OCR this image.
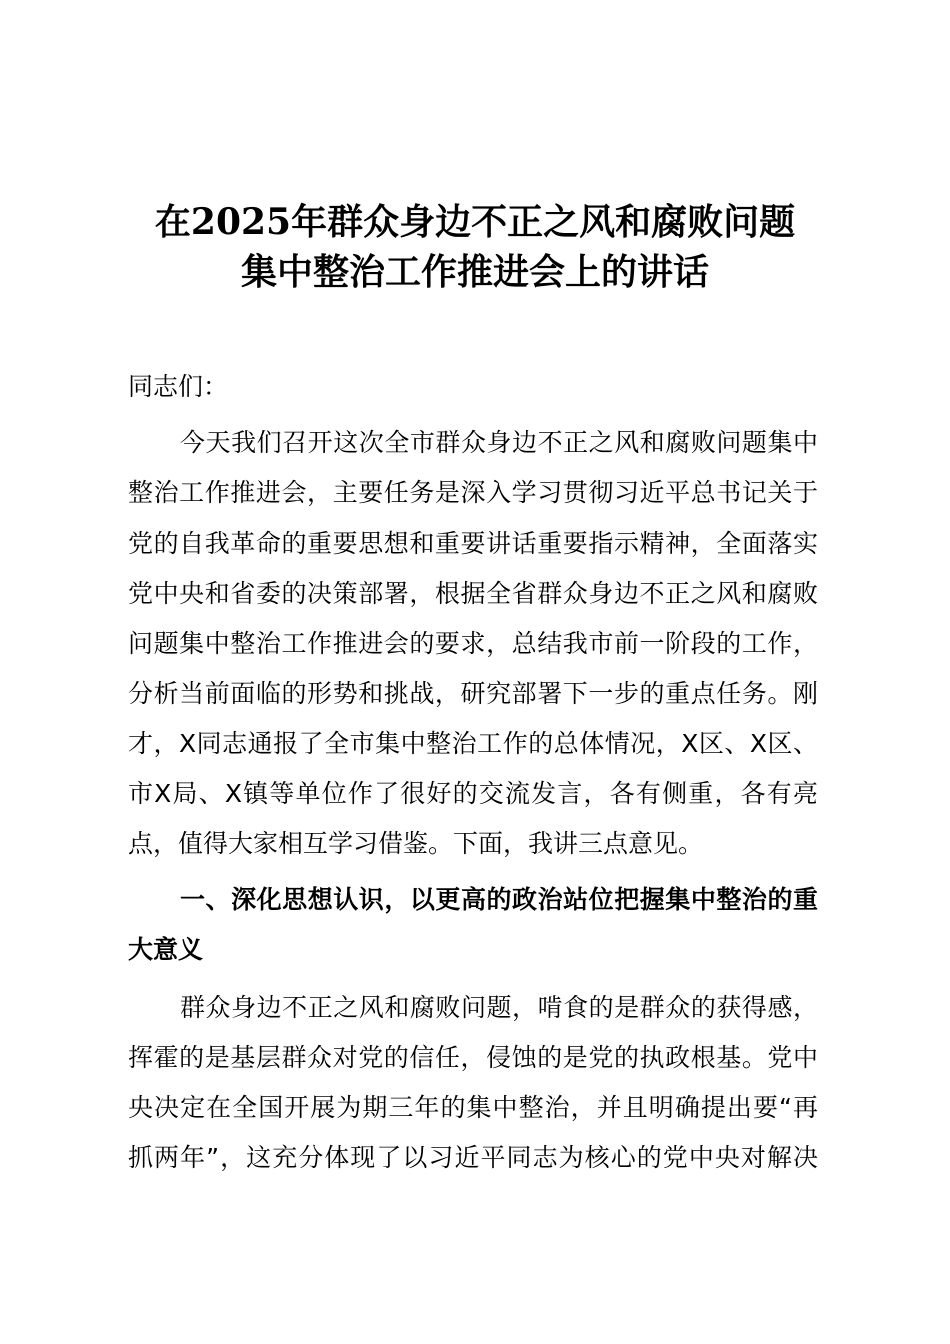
在2025年群众身边不正之风和腐败问题
集中整治工作推进会上的讲话
同志们：
今天我们召开这次全市群众身边不正之风和腐败问题集中
整治工作推进会，主要任务是深入学习贯彻习近平总书记关于
党的自我革命的重要思想和重要讲话重要指示精神，全面落实
党中央和省委的决策部署，根据全省群众身边不正之风和腐败
问题集中整治工作推进会的要求，总结我市前一阶段的工作，
分析当前面临的形势和挑战，研究部署下一步的重点任务。刚
才，X同志通报了全市集中整治工作的总体情况，X区、X区、
市X局、X镇等单位作了很好的交流发言，各有侧重，各有亮
点，值得大家相互学习借鉴。下面，我讲三点意见。
一、深化思想认识，以更高的政治站位把握集中整治的重
大意义
群众身边不正之风和腐败问题，啃食的是群众的获得感，
挥霍的是基层群众对党的信任，侵蚀的是党的执政根基。党中
央决定在全国开展为期三年的集中整治，并且明确提出要“再
抓两年”，这充分体现了以习近平同志为核心的党中央对解决
